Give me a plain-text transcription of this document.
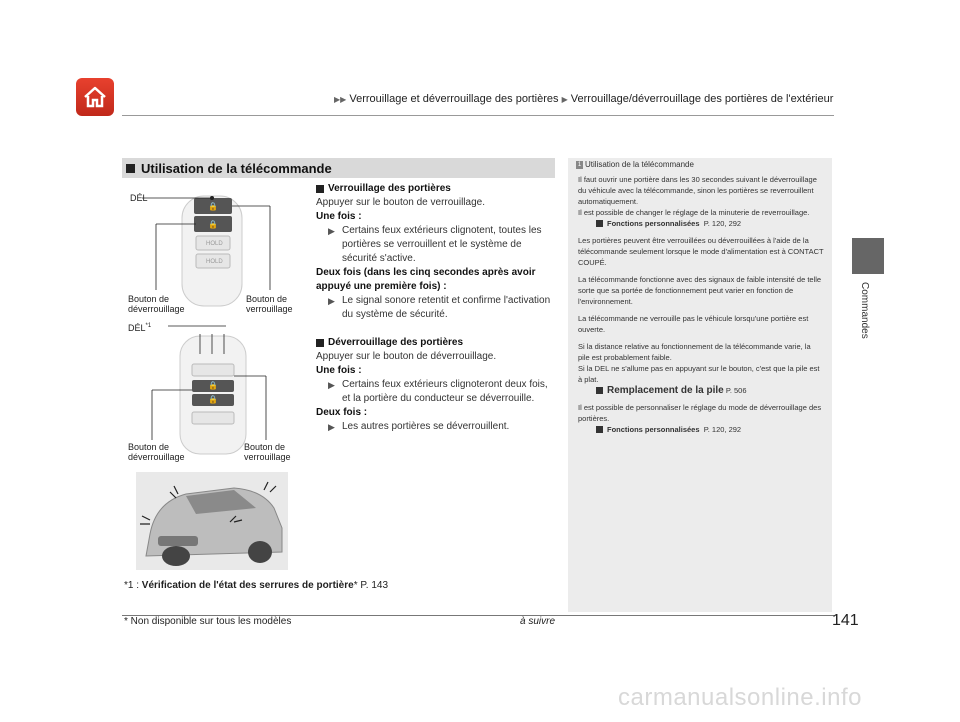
▶▶ Verrouillage et déverrouillage des portières ▶ Verrouillage/déverrouillage des portières de l'extérieur
Commandes
Utilisation de la télécommande
🔒
🔒
HOLD
HOLD
🔒
🔒
DÉL
Bouton de
déverrouillage
Bouton de
verrouillage
DÉL$^{*1}$
Bouton de
déverrouillage
Bouton de
verrouillage
Verrouillage des portières
Appuyer sur le bouton de verrouillage.
Une fois :
▶ Certains feux extérieurs clignotent, toutes les portières se verrouillent et le système de sécurité s'active.
Deux fois (dans les cinq secondes après avoir appuyé une première fois) :
▶ Le signal sonore retentit et confirme l'activation du système de sécurité.
Déverrouillage des portières
Appuyer sur le bouton de déverrouillage.
Une fois :
▶ Certains feux extérieurs clignoteront deux fois, et la portière du conducteur se déverrouille.
Deux fois :
▶ Les autres portières se déverrouillent.
*1 : Vérification de l'état des serrures de portière* P. 143
1 Utilisation de la télécommande
Il faut ouvrir une portière dans les 30 secondes suivant le déverrouillage du véhicule avec la télécommande, sinon les portières se reverrouillent automatiquement.
Il est possible de changer le réglage de la minuterie de reverrouillage.
Fonctions personnalisées P. 120, 292
Les portières peuvent être verrouillées ou déverrouillées à l'aide de la télécommande seulement lorsque le mode d'alimentation est à CONTACT COUPÉ.
La télécommande fonctionne avec des signaux de faible intensité de telle sorte que sa portée de fonctionnement peut varier en fonction de l'environnement.
La télécommande ne verrouille pas le véhicule lorsqu'une portière est ouverte.
Si la distance relative au fonctionnement de la télécommande varie, la pile est probablement faible.
Si la DEL ne s'allume pas en appuyant sur le bouton, c'est que la pile est à plat.
Remplacement de la pile P. 506
Il est possible de personnaliser le réglage du mode de déverrouillage des portières.
Fonctions personnalisées P. 120, 292
* Non disponible sur tous les modèles	à suivre	141
carmanualsonline.info
